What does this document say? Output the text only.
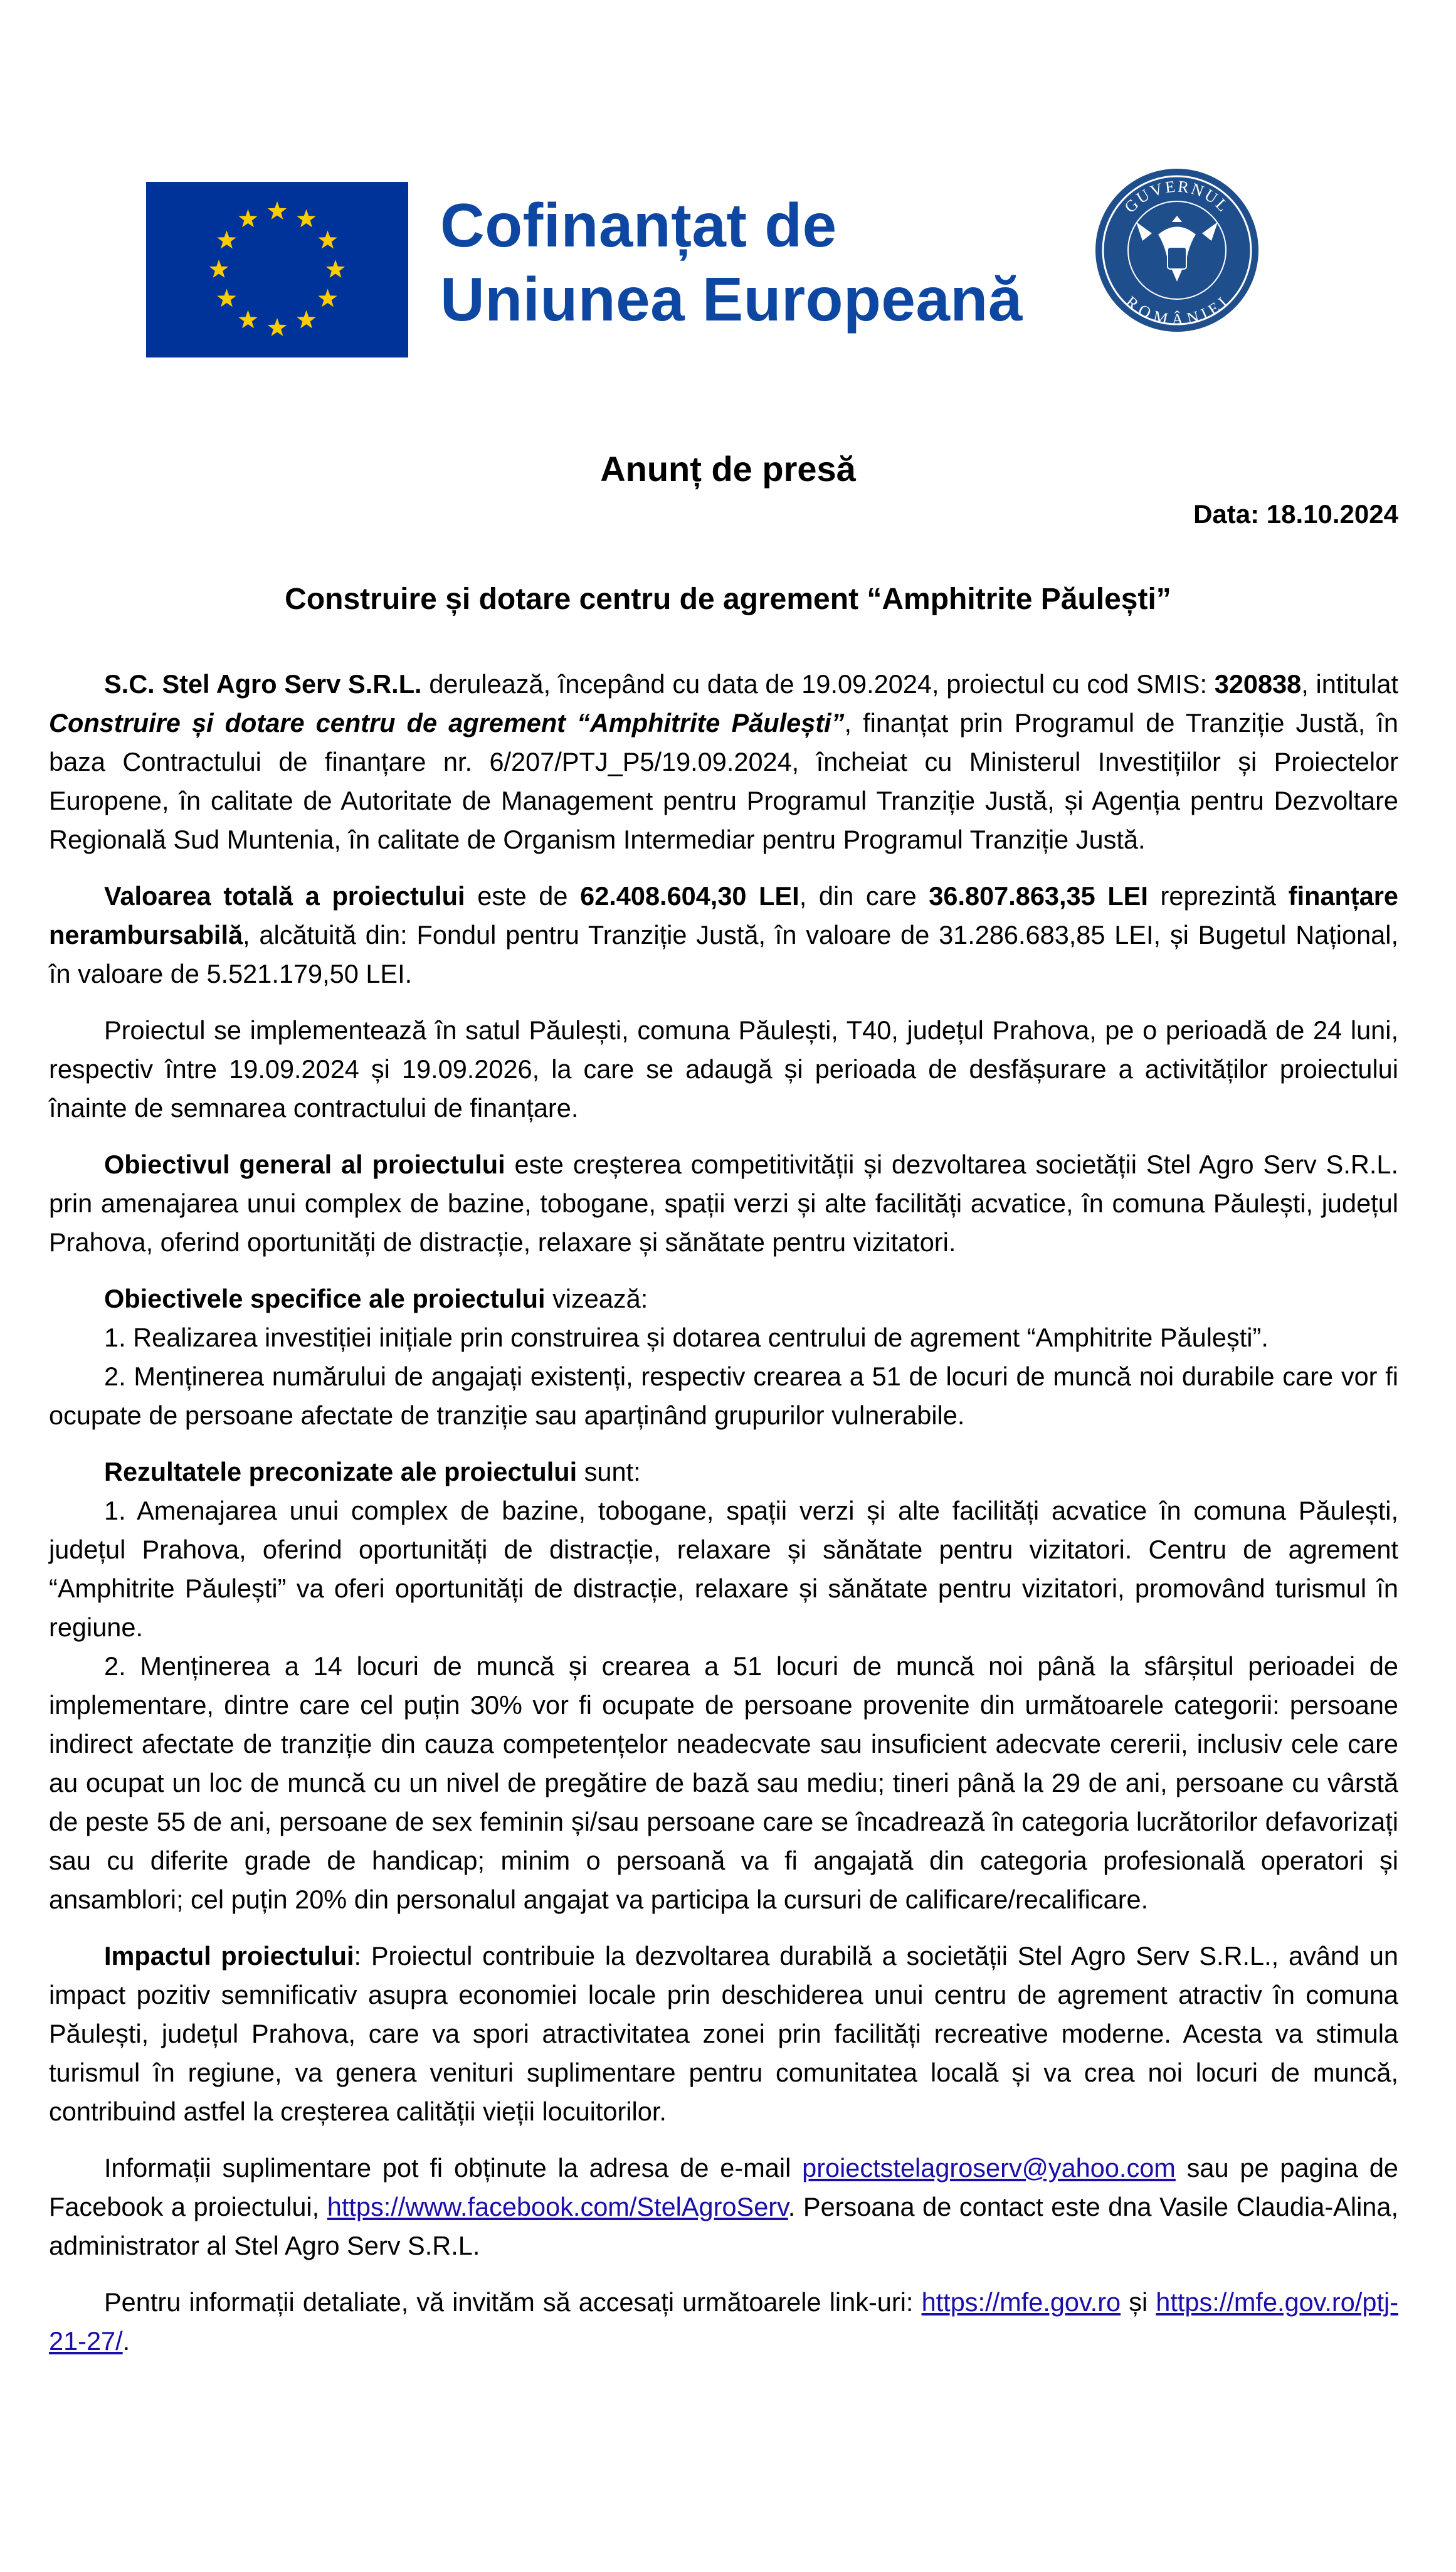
Cofinanțat de
Uniunea Europeană
GUVERNUL
ROMÂNIEI
Anunț de presă
Data: 18.10.2024
Construire și dotare centru de agrement “Amphitrite Păulești”

S.C. Stel Agro Serv S.R.L. derulează, începând cu data de 19.09.2024, proiectul cu cod SMIS: 320838, intitulat Construire și dotare centru de agrement “Amphitrite Păulești”, finanțat prin Programul de Tranziție Justă, în baza Contractului de finanțare nr. 6/207/PTJ_P5/19.09.2024, încheiat cu Ministerul Investițiilor și Proiectelor Europene, în calitate de Autoritate de Management pentru Programul Tranziție Justă, și Agenția pentru Dezvoltare Regională Sud Muntenia, în calitate de Organism Intermediar pentru Programul Tranziție Justă.

Valoarea totală a proiectului este de 62.408.604,30 LEI, din care 36.807.863,35 LEI reprezintă finanțare nerambursabilă, alcătuită din: Fondul pentru Tranziție Justă, în valoare de 31.286.683,85 LEI, și Bugetul Național, în valoare de 5.521.179,50 LEI.

Proiectul se implementează în satul Păulești, comuna Păulești, T40, județul Prahova, pe o perioadă de 24 luni, respectiv între 19.09.2024 și 19.09.2026, la care se adaugă și perioada de desfășurare a activităților proiectului înainte de semnarea contractului de finanțare.

Obiectivul general al proiectului este creșterea competitivității și dezvoltarea societății Stel Agro Serv S.R.L. prin amenajarea unui complex de bazine, tobogane, spații verzi și alte facilități acvatice, în comuna Păulești, județul Prahova, oferind oportunități de distracție, relaxare și sănătate pentru vizitatori.

Obiectivele specifice ale proiectului vizează:

1. Realizarea investiției inițiale prin construirea și dotarea centrului de agrement “Amphitrite Păulești”.

2. Menținerea numărului de angajați existenți, respectiv crearea a 51 de locuri de muncă noi durabile care vor fi ocupate de persoane afectate de tranziție sau aparținând grupurilor vulnerabile.

Rezultatele preconizate ale proiectului sunt:

1. Amenajarea unui complex de bazine, tobogane, spații verzi și alte facilități acvatice în comuna Păulești, județul Prahova, oferind oportunități de distracție, relaxare și sănătate pentru vizitatori. Centru de agrement “Amphitrite Păulești” va oferi oportunități de distracție, relaxare și sănătate pentru vizitatori, promovând turismul în regiune.

2. Menținerea a 14 locuri de muncă și crearea a 51 locuri de muncă noi până la sfârșitul perioadei de implementare, dintre care cel puțin 30% vor fi ocupate de persoane provenite din următoarele categorii: persoane indirect afectate de tranziție din cauza competențelor neadecvate sau insuficient adecvate cererii, inclusiv cele care au ocupat un loc de muncă cu un nivel de pregătire de bază sau mediu; tineri până la 29 de ani, persoane cu vârstă de peste 55 de ani, persoane de sex feminin și/sau persoane care se încadrează în categoria lucrătorilor defavorizați sau cu diferite grade de handicap; minim o persoană va fi angajată din categoria profesională operatori și ansamblori; cel puțin 20% din personalul angajat va participa la cursuri de calificare/recalificare.

Impactul proiectului: Proiectul contribuie la dezvoltarea durabilă a societății Stel Agro Serv S.R.L., având un impact pozitiv semnificativ asupra economiei locale prin deschiderea unui centru de agrement atractiv în comuna Păulești, județul Prahova, care va spori atractivitatea zonei prin facilități recreative moderne. Acesta va stimula turismul în regiune, va genera venituri suplimentare pentru comunitatea locală și va crea noi locuri de muncă, contribuind astfel la creșterea calității vieții locuitorilor.

Informații suplimentare pot fi obținute la adresa de e-mail proiectstelagroserv@yahoo.com sau pe pagina de Facebook a proiectului, https://www.facebook.com/StelAgroServ. Persoana de contact este dna Vasile Claudia-Alina, administrator al Stel Agro Serv S.R.L.

Pentru informații detaliate, vă invităm să accesați următoarele link-uri: https://mfe.gov.ro și https://mfe.gov.ro/ptj-21-27/.
